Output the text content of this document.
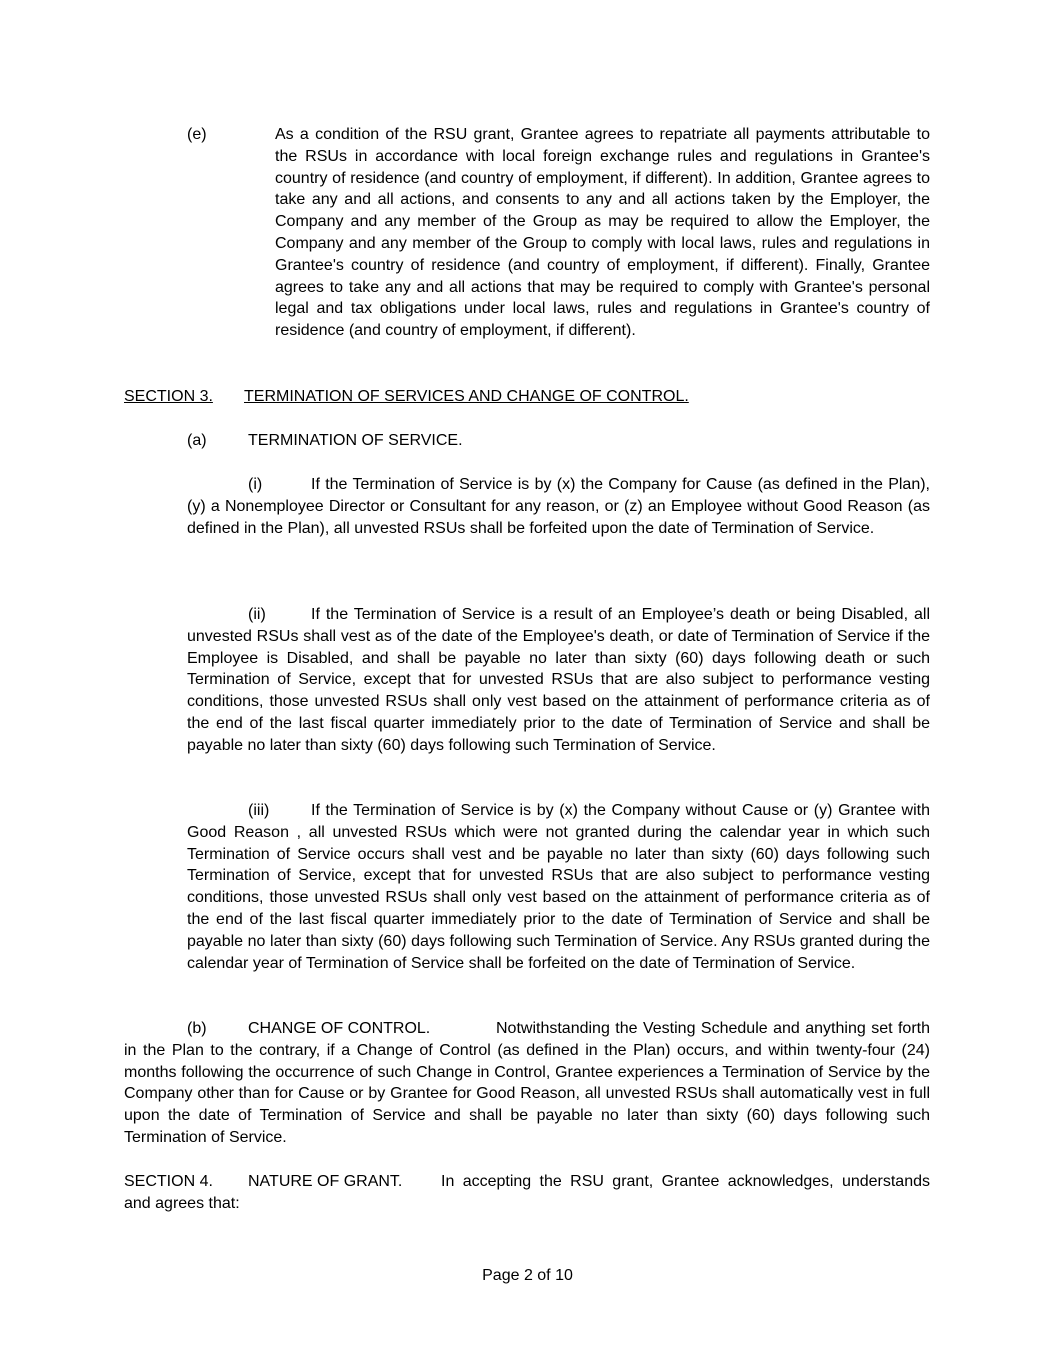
(e)	As a condition of the RSU grant, Grantee agrees to repatriate all payments attributable to the RSUs in accordance with local foreign exchange rules and regulations in Grantee's country of residence (and country of employment, if different). In addition, Grantee agrees to take any and all actions, and consents to any and all actions taken by the Employer, the Company and any member of the Group as may be required to allow the Employer, the Company and any member of the Group to comply with local laws, rules and regulations in Grantee's country of residence (and country of employment, if different). Finally, Grantee agrees to take any and all actions that may be required to comply with Grantee's personal legal and tax obligations under local laws, rules and regulations in Grantee's country of residence (and country of employment, if different).

SECTION 3. TERMINATION OF SERVICES AND CHANGE OF CONTROL.
(a)	TERMINATION OF SERVICE.
(i)	If the Termination of Service is by (x) the Company for Cause (as defined in the Plan), (y) a Nonemployee Director or Consultant for any reason, or (z) an Employee without Good Reason (as defined in the Plan), all unvested RSUs shall be forfeited upon the date of Termination of Service.
(ii)	If the Termination of Service is a result of an Employee’s death or being Disabled, all unvested RSUs shall vest as of the date of the Employee's death, or date of Termination of Service if the Employee is Disabled, and shall be payable no later than sixty (60) days following death or such Termination of Service, except that for unvested RSUs that are also subject to performance vesting conditions, those unvested RSUs shall only vest based on the attainment of performance criteria as of the end of the last fiscal quarter immediately prior to the date of Termination of Service and shall be payable no later than sixty (60) days following such Termination of Service.
(iii)	If the Termination of Service is by (x) the Company without Cause or (y) Grantee with Good Reason , all unvested RSUs which were not granted during the calendar year in which such Termination of Service occurs shall vest and be payable no later than sixty (60) days following such Termination of Service, except that for unvested RSUs that are also subject to performance vesting conditions, those unvested RSUs shall only vest based on the attainment of performance criteria as of the end of the last fiscal quarter immediately prior to the date of Termination of Service and shall be payable no later than sixty (60) days following such Termination of Service. Any RSUs granted during the calendar year of Termination of Service shall be forfeited on the date of Termination of Service.
(b)	CHANGE OF CONTROL.	Notwithstanding the Vesting Schedule and anything set forth in the Plan to the contrary, if a Change of Control (as defined in the Plan) occurs, and within twenty-four (24) months following the occurrence of such Change in Control, Grantee experiences a Termination of Service by the Company other than for Cause or by Grantee for Good Reason, all unvested RSUs shall automatically vest in full upon the date of Termination of Service and shall be payable no later than sixty (60) days following such Termination of Service.
SECTION 4. NATURE OF GRANT. In accepting the RSU grant, Grantee acknowledges, understands and agrees that:
Page 2 of 10
